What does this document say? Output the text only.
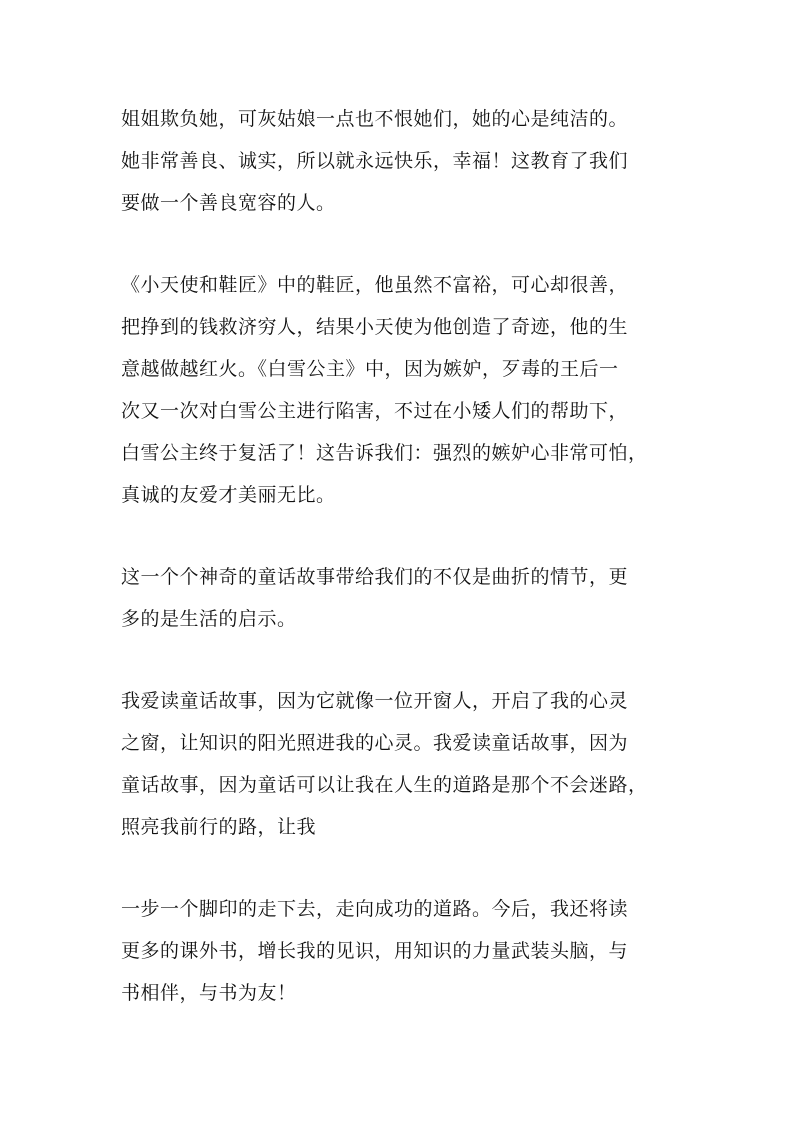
姐姐欺负她，可灰姑娘一点也不恨她们，她的心是纯洁的。
她非常善良、诚实，所以就永远快乐，幸福！这教育了我们
要做一个善良宽容的人。
《小天使和鞋匠》中的鞋匠，他虽然不富裕，可心却很善，
把挣到的钱救济穷人，结果小天使为他创造了奇迹，他的生
意越做越红火。《白雪公主》中，因为嫉妒，歹毒的王后一
次又一次对白雪公主进行陷害，不过在小矮人们的帮助下，
白雪公主终于复活了！这告诉我们：强烈的嫉妒心非常可怕，
真诚的友爱才美丽无比。
这一个个神奇的童话故事带给我们的不仅是曲折的情节，更
多的是生活的启示。
我爱读童话故事，因为它就像一位开窗人，开启了我的心灵
之窗，让知识的阳光照进我的心灵。我爱读童话故事，因为
童话故事，因为童话可以让我在人生的道路是那个不会迷路，
照亮我前行的路，让我
一步一个脚印的走下去，走向成功的道路。今后，我还将读
更多的课外书，增长我的见识，用知识的力量武装头脑，与
书相伴，与书为友！
